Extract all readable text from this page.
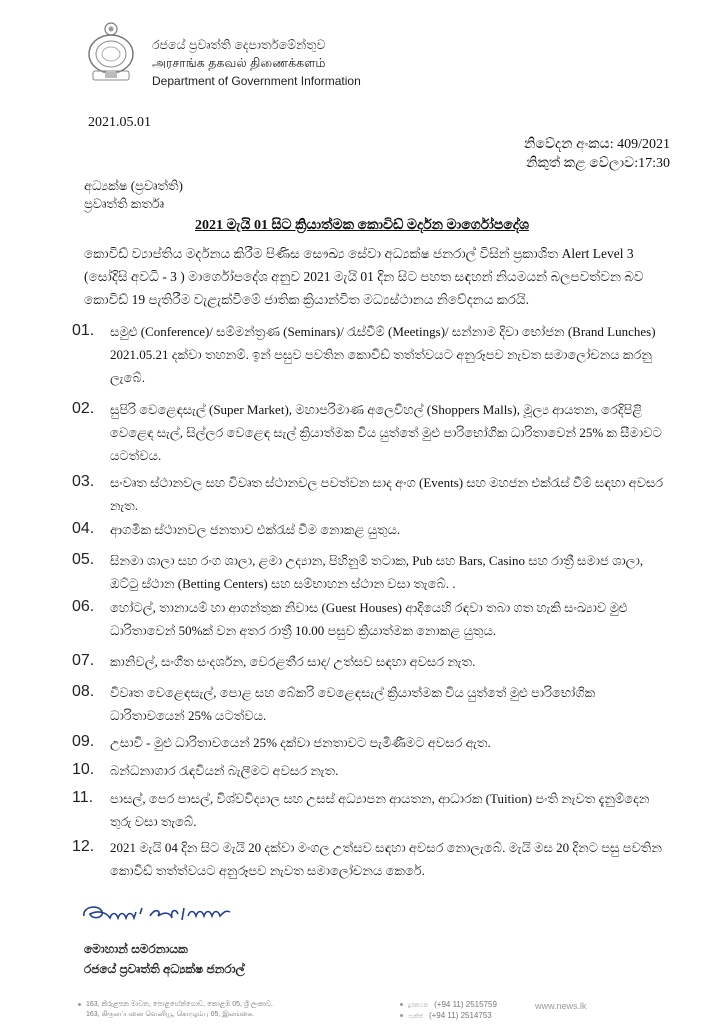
රජයේ ප්‍රවෘත්ති දෙපාර්තමේන්තුව
அரசாங்க தகவல் திணைக்களம்
Department of Government Information
2021.05.01
නිවේදන අංකය: 409/2021
නිකුත් කළ වේලාව:17:30
අධ්‍යක්ෂ (ප්‍රවෘත්ති)
ප්‍රවෘත්ති කර්තෘ
2021 මැයි 01 සිට ක්‍රියාත්මක කොවිඩ් මර්දන මාර්ගෝපදේශ
කොවිඩ් ව්‍යාප්තිය මර්දනය කිරීම පිණිස සෞඛ්‍ය සේවා අධ්‍යක්ෂ ජනරාල් විසින් ප්‍රකාශිත Alert Level 3 (සෝදිසි අවධි - 3 ) මාර්ගෝපදේශ අනුව 2021 මැයි 01 දින සිට පහත සඳහන් නියමයන් බලපවත්වන බව කොවිඩ් 19 පැතිරීම වැළැක්වීමේ ජාතික ක්‍රියාන්විත මධ්‍යස්ථානය නිවේදනය කරයි.
01. සමුළු (Conference)/ සම්මන්ත්‍රණ (Seminars)/ රැස්වීම් (Meetings)/ සන්නාම දිවා භෝජන (Brand Lunches) 2021.05.21 දක්වා තහනම්. ඉන් පසුව පවතින කොවිඩ් තත්ත්වයට අනුරූපව නැවත සමාලෝචනය කරනු ලැබේ.
02. සුපිරි වෙළෙඳසැල් (Super Market), මහාපරිමාණ අලෙවිහල් (Shoppers Malls), මූල්‍ය ආයතන, රෙදිපිළි වෙළෙඳ සැල්, සිල්ලර වෙළෙඳ සැල් ක්‍රියාත්මක විය යුත්තේ මුළු පාරිභෝගික ධාරිතාවෙන් 25% ක සීමාවට යටත්වය.
03. සංවෘත ස්ථානවල සහ විවෘත ස්ථානවල පවත්වන සාද අංග (Events) සහ මහජන එක්රැස් වීම් සඳහා අවසර නැත.
04. ආගමික ස්ථානවල ජනතාව එක්රැස් වීම නොකළ යුතුය.
05. සිනමා ශාලා සහ රංග ශාලා, ළමා උද්‍යාන, පිහිනුම් තටාක, Pub සහ Bars, Casino සහ රාත්‍රී සමාජ ශාලා, ඔට්ටු ස්ථාන (Betting Centers) සහ සම්භාහන ස්ථාන වසා තැබේ. .
06. හෝටල්, තානායම් හා ආගන්තුක නිවාස (Guest Houses) ආදියෙහි රඳවා තබා ගත හැකි සංඛ්‍යාව මුළු ධාරිතාවෙන් 50%ක් වන අතර රාත්‍රී 10.00 පසුව ක්‍රියාත්මක නොකළ යුතුය.
07. කානිවල්, සංගීත සංදර්ශන, වෙරළතීර සාද/ උත්සව සඳහා අවසර නැත.
08. විවෘත වෙළෙඳසැල්, පොළ සහ බේකරි වෙළෙඳසැල් ක්‍රියාත්මක විය යුත්තේ මුළු පාරිභෝගික ධාරිතාවයෙන් 25% යටත්වය.
09. උසාවි - මුළු ධාරිතාවයෙන් 25% දක්වා ජනතාවට පැමිණීමට අවසර ඇත.
10. බන්ධනාගාර රැඳවියන් බැලීමට අවසර නැත.
11. පාසල්, පෙර පාසල්, විශ්වවිද්‍යාල සහ උසස් අධ්‍යාපන ආයතන, ආධාරක (Tuition) පංති නැවත දැනුම්දෙන තුරු වසා තැබේ.
12. 2021 මැයි 04 දින සිට මැයි 20 දක්වා මංගල උත්සව සඳහා අවසර නොලැබේ. මැයි මස 20 දිනට පසු පවතින කොවිඩ් තත්ත්වයට අනුරූපව නැවත සමාලෝචනය කෙරේ.
මොහාන් සමරනායක
රජයේ ප්‍රවෘත්ති අධ්‍යක්ෂ ජනරාල්
163, කිරුළපන මාවත, පොළහේන්ගොඩ, කොළඹ 05, ශ්‍රී ලංකාව.
163, கிருலப்பனை வெனியூ, கொழும்பு 05, இலங்கை.
දුරකථන (+94 11) 2515759
ෆැක්ස් (+94 11) 2514753
www.news.lk
